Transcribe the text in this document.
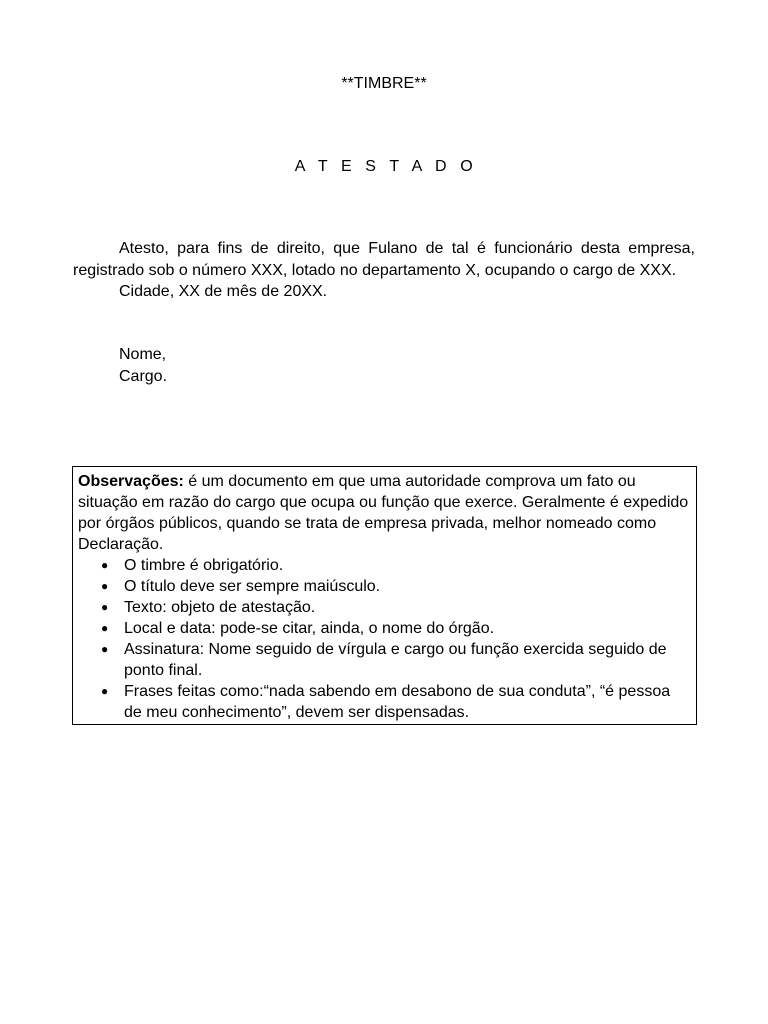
**TIMBRE**
A T E S T A D O

Atesto, para fins de direito, que Fulano de tal é funcionário desta empresa, registrado sob o número XXX, lotado no departamento X, ocupando o cargo de XXX.

Cidade, XX de mês de 20XX.
Nome,
Cargo.

Observações: é um documento em que uma autoridade comprova um fato ou situação em razão do cargo que ocupa ou função que exerce. Geralmente é expedido por órgãos públicos, quando se trata de empresa privada, melhor nomeado como Declaração.

● O timbre é obrigatório.
● O título deve ser sempre maiúsculo.
● Texto: objeto de atestação.
● Local e data: pode-se citar, ainda, o nome do órgão.
● Assinatura: Nome seguido de vírgula e cargo ou função exercida seguido de ponto final.
● Frases feitas como:“nada sabendo em desabono de sua conduta”, “é pessoa de meu conhecimento”, devem ser dispensadas.
